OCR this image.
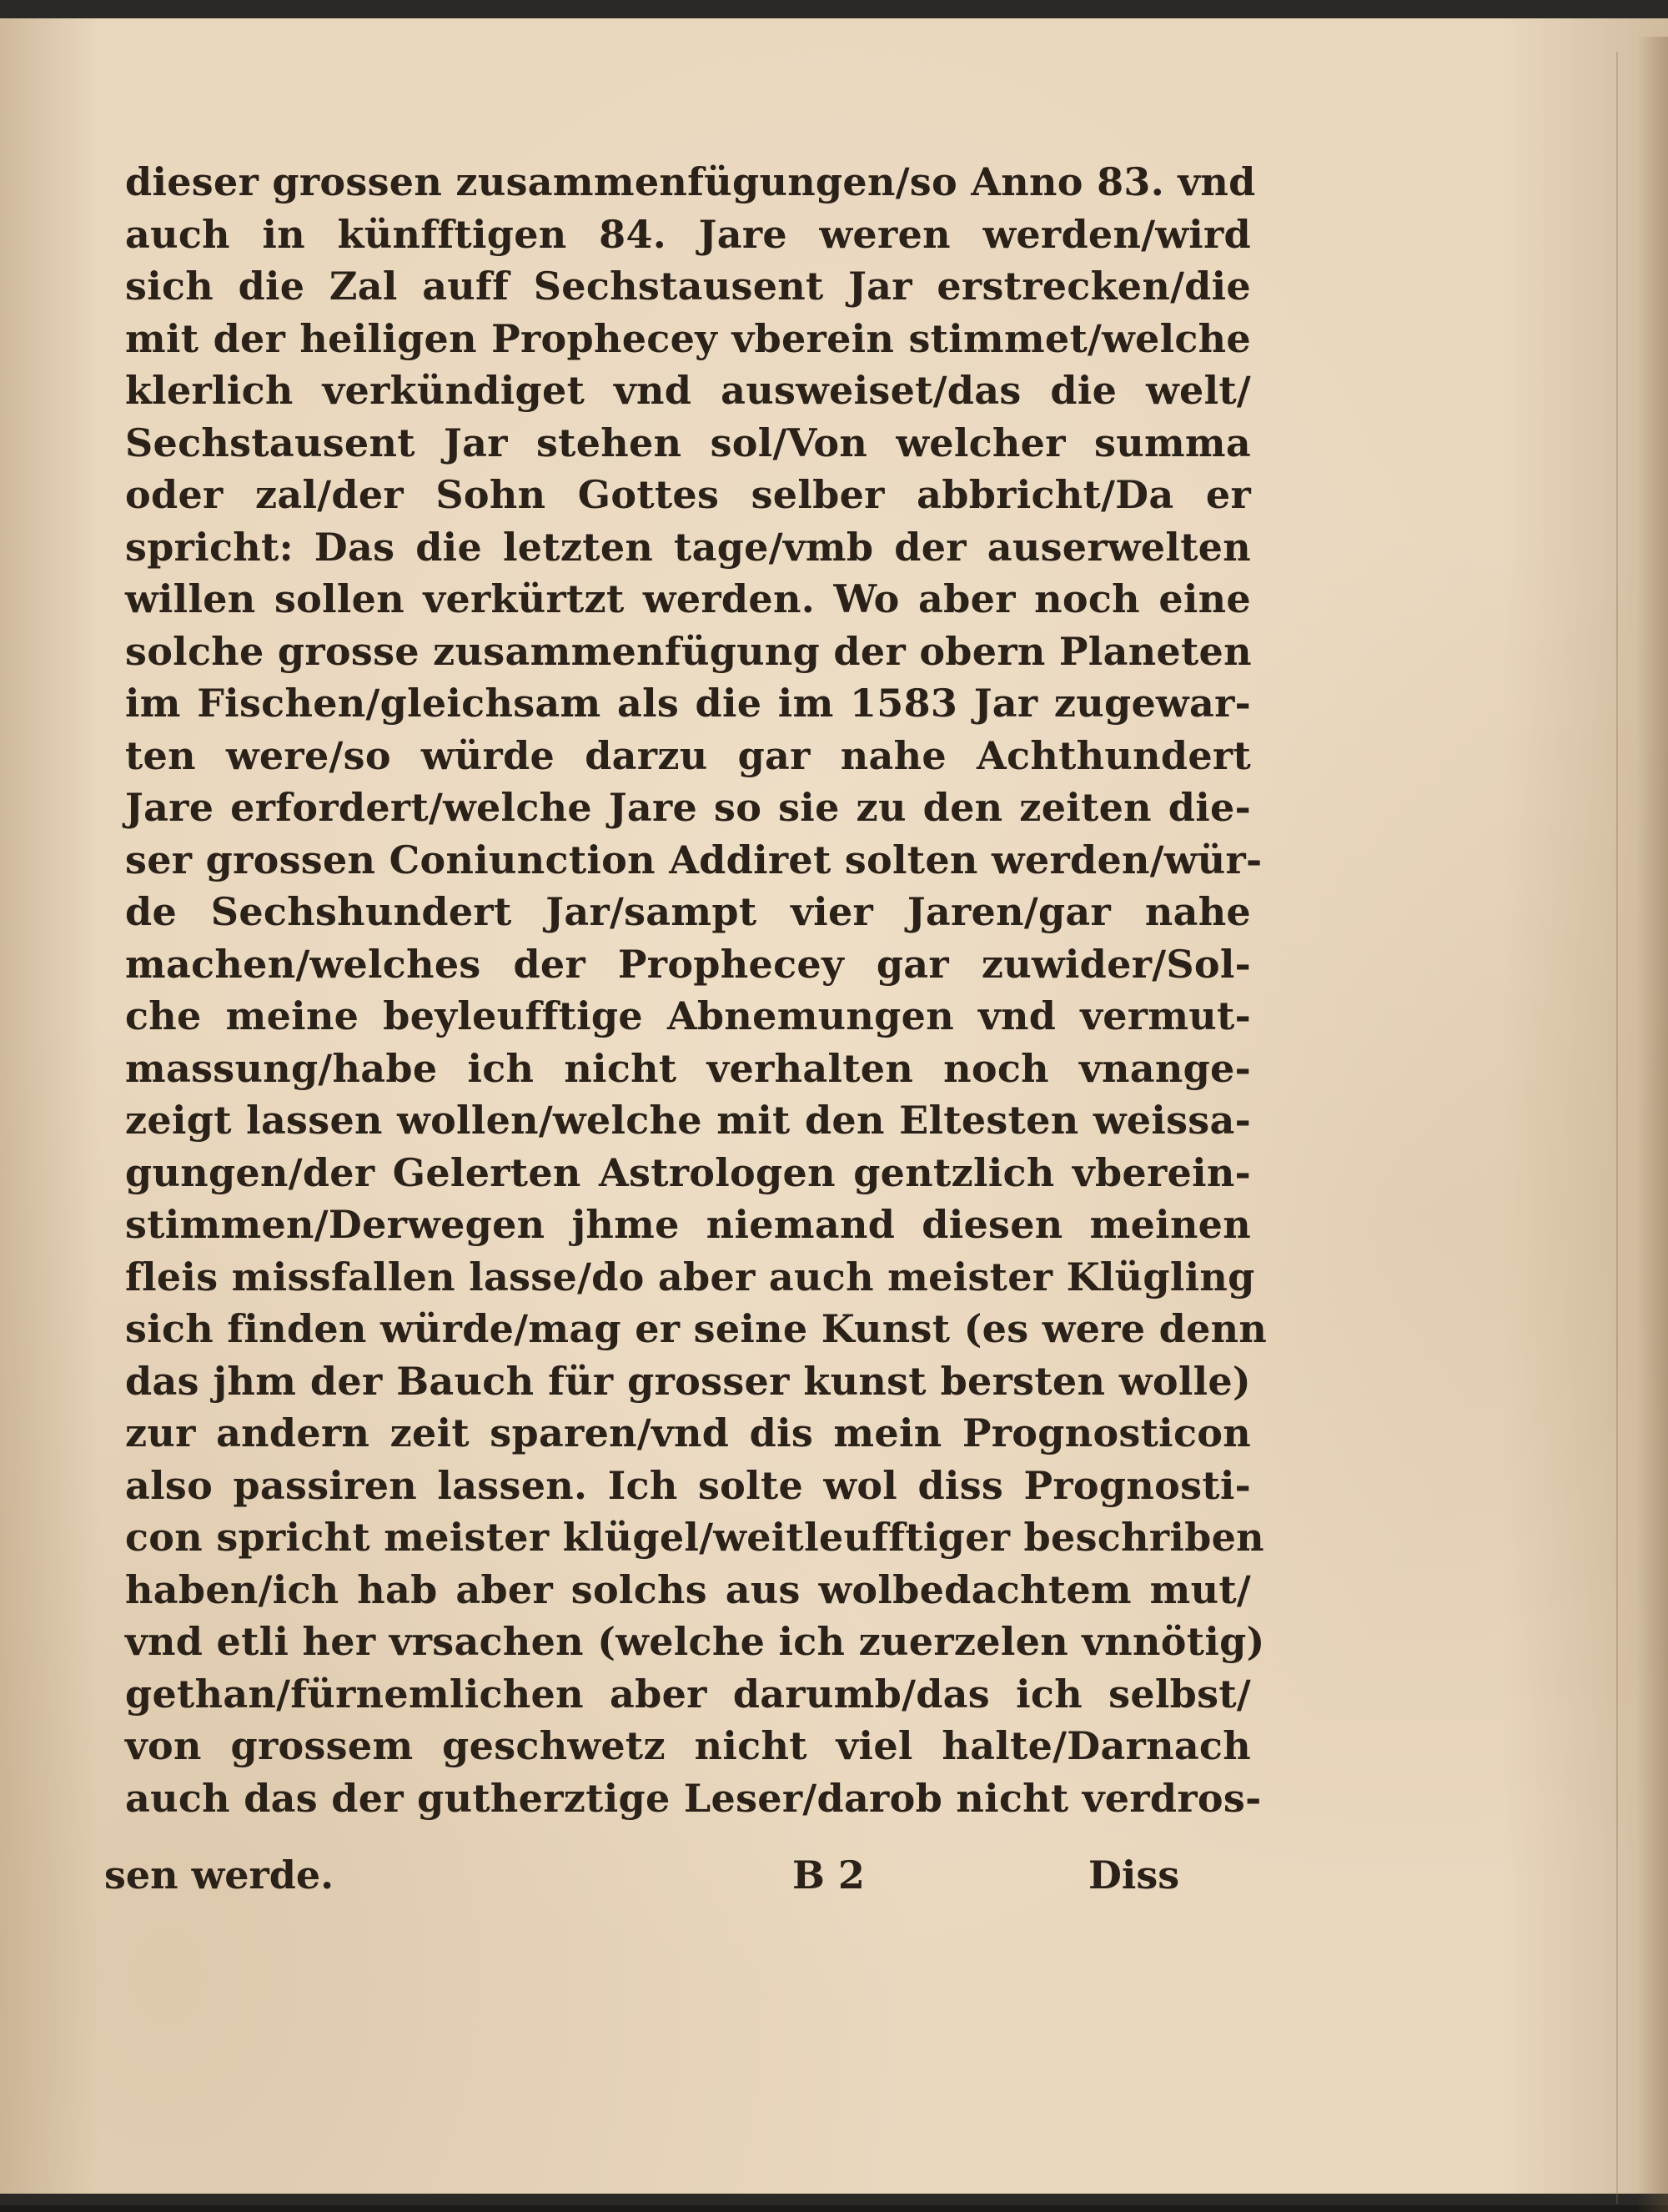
dieser grossen zusammenfügungen/so Anno 83. vnd
auch in künfftigen 84. Jare weren werden/wird
sich die Zal auff Sechstausent Jar erstrecken/die
mit der heiligen Prophecey vberein stimmet/welche
klerlich verkündiget vnd ausweiset/das die welt/
Sechstausent Jar stehen sol/Von welcher summa
oder zal/der Sohn Gottes selber abbricht/Da er
spricht: Das die letzten tage/vmb der auserwelten
willen sollen verkürtzt werden. Wo aber noch eine
solche grosse zusammenfügung der obern Planeten
im Fischen/gleichsam als die im 1583 Jar zugewar-
ten were/so würde darzu gar nahe Achthundert
Jare erfordert/welche Jare so sie zu den zeiten die-
ser grossen Coniunction Addiret solten werden/wür-
de Sechshundert Jar/sampt vier Jaren/gar nahe
machen/welches der Prophecey gar zuwider/Sol-
che meine beyleufftige Abnemungen vnd vermut-
massung/habe ich nicht verhalten noch vnange-
zeigt lassen wollen/welche mit den Eltesten weissa-
gungen/der Gelerten Astrologen gentzlich vberein-
stimmen/Derwegen jhme niemand diesen meinen
fleis missfallen lasse/do aber auch meister Klügling
sich finden würde/mag er seine Kunst (es were denn
das jhm der Bauch für grosser kunst bersten wolle)
zur andern zeit sparen/vnd dis mein Prognosticon
also passiren lassen. Ich solte wol diss Prognosti-
con spricht meister klügel/weitleufftiger beschriben
haben/ich hab aber solchs aus wolbedachtem mut/
vnd etli her vrsachen (welche ich zuerzelen vnnötig)
gethan/fürnemlichen aber darumb/das ich selbst/
von grossem geschwetz nicht viel halte/Darnach
auch das der gutherztige Leser/darob nicht verdros-
sen werde.	B 2	Diss
